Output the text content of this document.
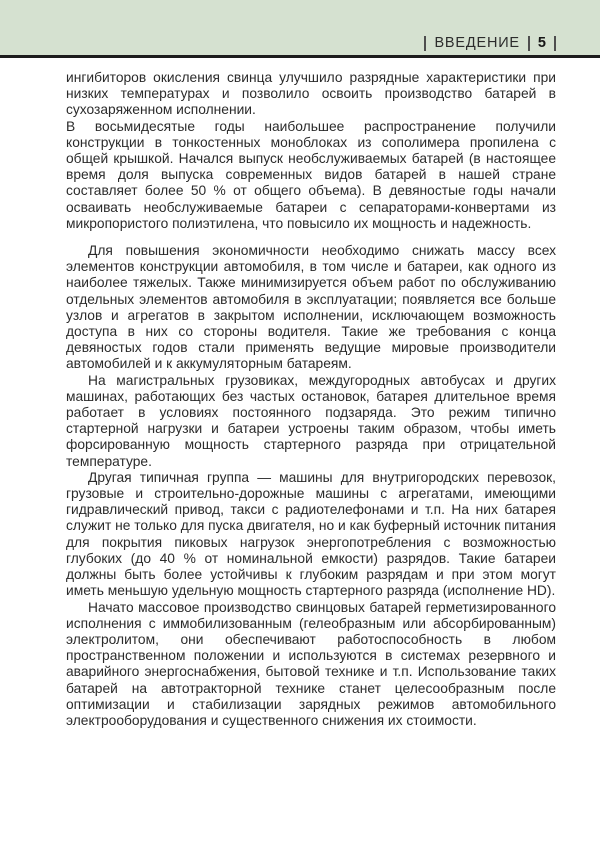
ВВЕДЕНИЕ 5

ингибиторов окисления свинца улучшило разрядные характеристики при низких температурах и позволило освоить производство батарей в сухозаряженном исполнении.

В восьмидесятые годы наибольшее распространение получили конструкции в тонкостенных моноблоках из сополимера пропилена с общей крышкой. Начался выпуск необслуживаемых батарей (в настоящее время доля выпуска современных видов батарей в нашей стране составляет более 50 % от общего объема). В девяностые годы начали осваивать необслуживаемые батареи с сепараторами-конвертами из микропористого полиэтилена, что повысило их мощность и надежность.

Для повышения экономичности необходимо снижать массу всех элементов конструкции автомобиля, в том числе и батареи, как одного из наиболее тяжелых. Также минимизируется объем работ по обслуживанию отдельных элементов автомобиля в эксплуатации; появляется все больше узлов и агрегатов в закрытом исполнении, исключающем возможность доступа в них со стороны водителя. Такие же требования с конца девяностых годов стали применять ведущие мировые производители автомобилей и к аккумуляторным батареям.

На магистральных грузовиках, междугородных автобусах и других машинах, работающих без частых остановок, батарея длительное время работает в условиях постоянного подзаряда. Это режим типично стартерной нагрузки и батареи устроены таким образом, чтобы иметь форсированную мощность стартерного разряда при отрицательной температуре.

Другая типичная группа — машины для внутригородских перевозок, грузовые и строительно-дорожные машины с агрегатами, имеющими гидравлический привод, такси с радиотелефонами и т.п. На них батарея служит не только для пуска двигателя, но и как буферный источник питания для покрытия пиковых нагрузок энергопотребления с возможностью глубоких (до 40 % от номинальной емкости) разрядов. Такие батареи должны быть более устойчивы к глубоким разрядам и при этом могут иметь меньшую удельную мощность стартерного разряда (исполнение HD).

Начато массовое производство свинцовых батарей герметизированного исполнения с иммобилизованным (гелеобразным или абсорбированным) электролитом, они обеспечивают работоспособность в любом пространственном положении и используются в системах резервного и аварийного энергоснабжения, бытовой технике и т.п. Использование таких батарей на автотракторной технике станет целесообразным после оптимизации и стабилизации зарядных режимов автомобильного электрооборудования и существенного снижения их стоимости.
